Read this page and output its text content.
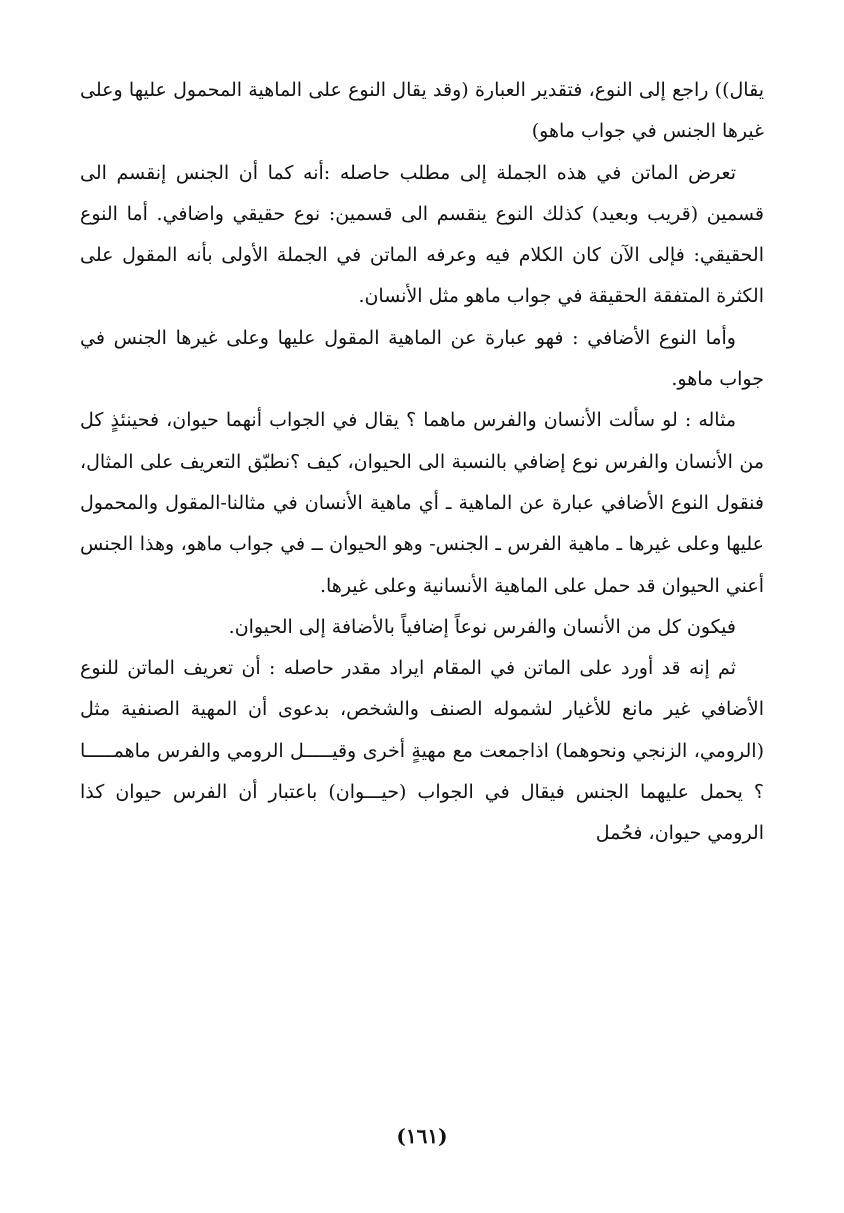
يقال)) راجع إلى النوع، فتقدير العبارة (وقد يقال النوع على الماهية المحمول عليها وعلى غيرها الجنس في جواب ماهو)

تعرض الماتن في هذه الجملة إلى مطلب حاصله :أنه كما أن الجنس إنقسم الى قسمين (قريب وبعيد) كذلك النوع ينقسم الى قسمين: نوع حقيقي واضافي. أما النوع الحقيقي: فإلى الآن كان الكلام فيه وعرفه الماتن في الجملة الأولى بأنه المقول على الكثرة المتفقة الحقيقة في جواب ماهو مثل الأنسان.

وأما النوع الأضافي : فهو عبارة عن الماهية المقول عليها وعلى غيرها الجنس في جواب ماهو.

مثاله : لو سألت الأنسان والفرس ماهما ؟ يقال في الجواب أنهما حيوان، فحينئذٍ كل من الأنسان والفرس نوع إضافي بالنسبة الى الحيوان، كيف ؟نطبّق التعريف على المثال، فنقول النوع الأضافي عبارة عن الماهية ـ أي ماهية الأنسان في مثالنا-المقول والمحمول عليها وعلى غيرها ـ ماهية الفرس ـ الجنس- وهو الحيوان ــ في جواب ماهو، وهذا الجنس أعني الحيوان قد حمل على الماهية الأنسانية وعلى غيرها.

فيكون كل من الأنسان والفرس نوعاً إضافياً بالأضافة إلى الحيوان.

ثم إنه قد أورد على الماتن في المقام ايراد مقدر حاصله : أن تعريف الماتن للنوع الأضافي غير مانع للأغيار لشموله الصنف والشخص، بدعوى أن المهية الصنفية مثل (الرومي، الزنجي ونحوهما) اذاجمعت مع مهيةٍ أخرى وقيـــــل الرومي والفرس ماهمـــــا ؟ يحمل عليهما الجنس فيقال في الجواب (حيـــوان) باعتبار أن الفرس حيوان كذا الرومي حيوان، فحُمل

(١٦١)
